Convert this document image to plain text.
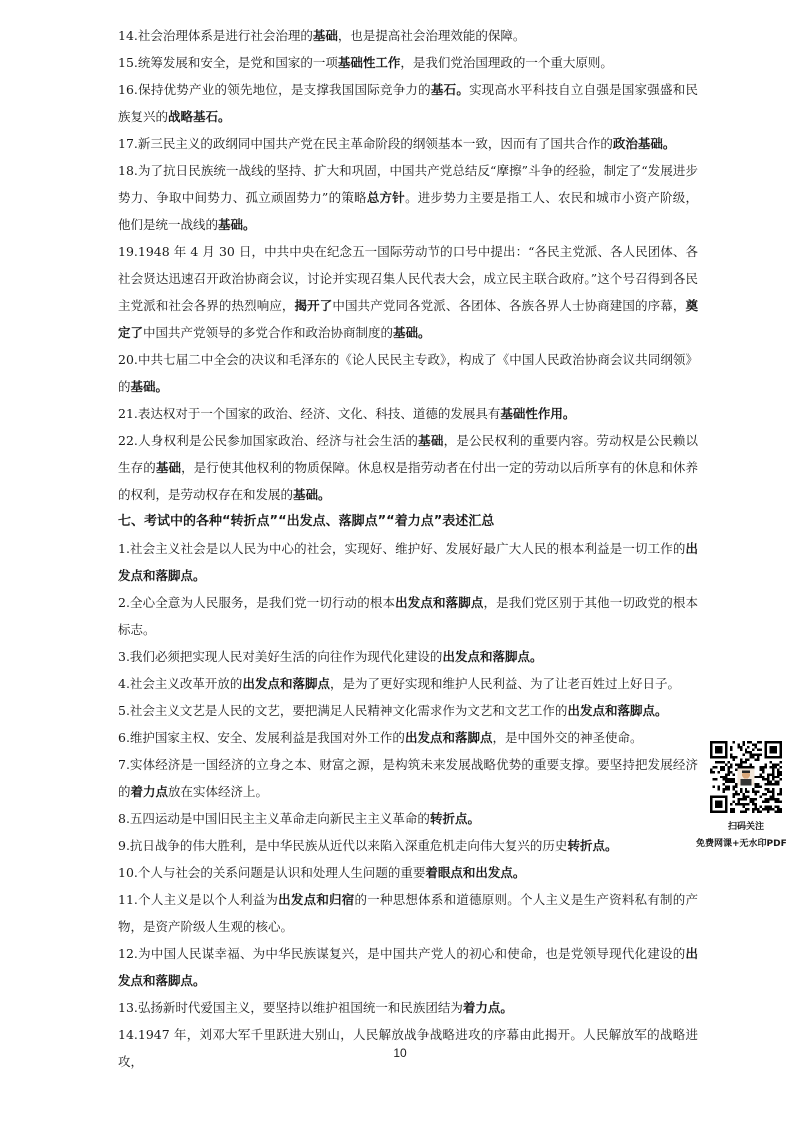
14.社会治理体系是进行社会治理的基础，也是提高社会治理效能的保障。

15.统筹发展和安全，是党和国家的一项基础性工作，是我们党治国理政的一个重大原则。

16.保持优势产业的领先地位，是支撑我国国际竞争力的基石。实现高水平科技自立自强是国家强盛和民族复兴的战略基石。

17.新三民主义的政纲同中国共产党在民主革命阶段的纲领基本一致，因而有了国共合作的政治基础。

18.为了抗日民族统一战线的坚持、扩大和巩固，中国共产党总结反“摩擦”斗争的经验，制定了“发展进步势力、争取中间势力、孤立顽固势力”的策略总方针。进步势力主要是指工人、农民和城市小资产阶级，他们是统一战线的基础。

19.1948 年 4 月 30 日，中共中央在纪念五一国际劳动节的口号中提出：“各民主党派、各人民团体、各社会贤达迅速召开政治协商会议，讨论并实现召集人民代表大会，成立民主联合政府。”这个号召得到各民主党派和社会各界的热烈响应，揭开了中国共产党同各党派、各团体、各族各界人士协商建国的序幕，奠定了中国共产党领导的多党合作和政治协商制度的基础。

20.中共七届二中全会的决议和毛泽东的《论人民民主专政》，构成了《中国人民政治协商会议共同纲领》的基础。

21.表达权对于一个国家的政治、经济、文化、科技、道德的发展具有基础性作用。

22.人身权利是公民参加国家政治、经济与社会生活的基础，是公民权利的重要内容。劳动权是公民赖以生存的基础，是行使其他权利的物质保障。休息权是指劳动者在付出一定的劳动以后所享有的休息和休养的权利，是劳动权存在和发展的基础。

七、考试中的各种“转折点”“出发点、落脚点”“着力点”表述汇总

1.社会主义社会是以人民为中心的社会，实现好、维护好、发展好最广大人民的根本利益是一切工作的出发点和落脚点。

2.全心全意为人民服务，是我们党一切行动的根本出发点和落脚点，是我们党区别于其他一切政党的根本标志。

3.我们必须把实现人民对美好生活的向往作为现代化建设的出发点和落脚点。

4.社会主义改革开放的出发点和落脚点，是为了更好实现和维护人民利益、为了让老百姓过上好日子。

5.社会主义文艺是人民的文艺，要把满足人民精神文化需求作为文艺和文艺工作的出发点和落脚点。

6.维护国家主权、安全、发展利益是我国对外工作的出发点和落脚点，是中国外交的神圣使命。

7.实体经济是一国经济的立身之本、财富之源，是构筑未来发展战略优势的重要支撑。要坚持把发展经济的着力点放在实体经济上。

8.五四运动是中国旧民主主义革命走向新民主主义革命的转折点。

9.抗日战争的伟大胜利，是中华民族从近代以来陷入深重危机走向伟大复兴的历史转折点。

10.个人与社会的关系问题是认识和处理人生问题的重要着眼点和出发点。

11.个人主义是以个人利益为出发点和归宿的一种思想体系和道德原则。个人主义是生产资料私有制的产物，是资产阶级人生观的核心。

12.为中国人民谋幸福、为中华民族谋复兴，是中国共产党人的初心和使命，也是党领导现代化建设的出发点和落脚点。

13.弘扬新时代爱国主义，要坚持以维护祖国统一和民族团结为着力点。

14.1947 年，刘邓大军千里跃进大别山，人民解放战争战略进攻的序幕由此揭开。人民解放军的战略进攻，

扫码关注
免费网课+无水印PDF
10
